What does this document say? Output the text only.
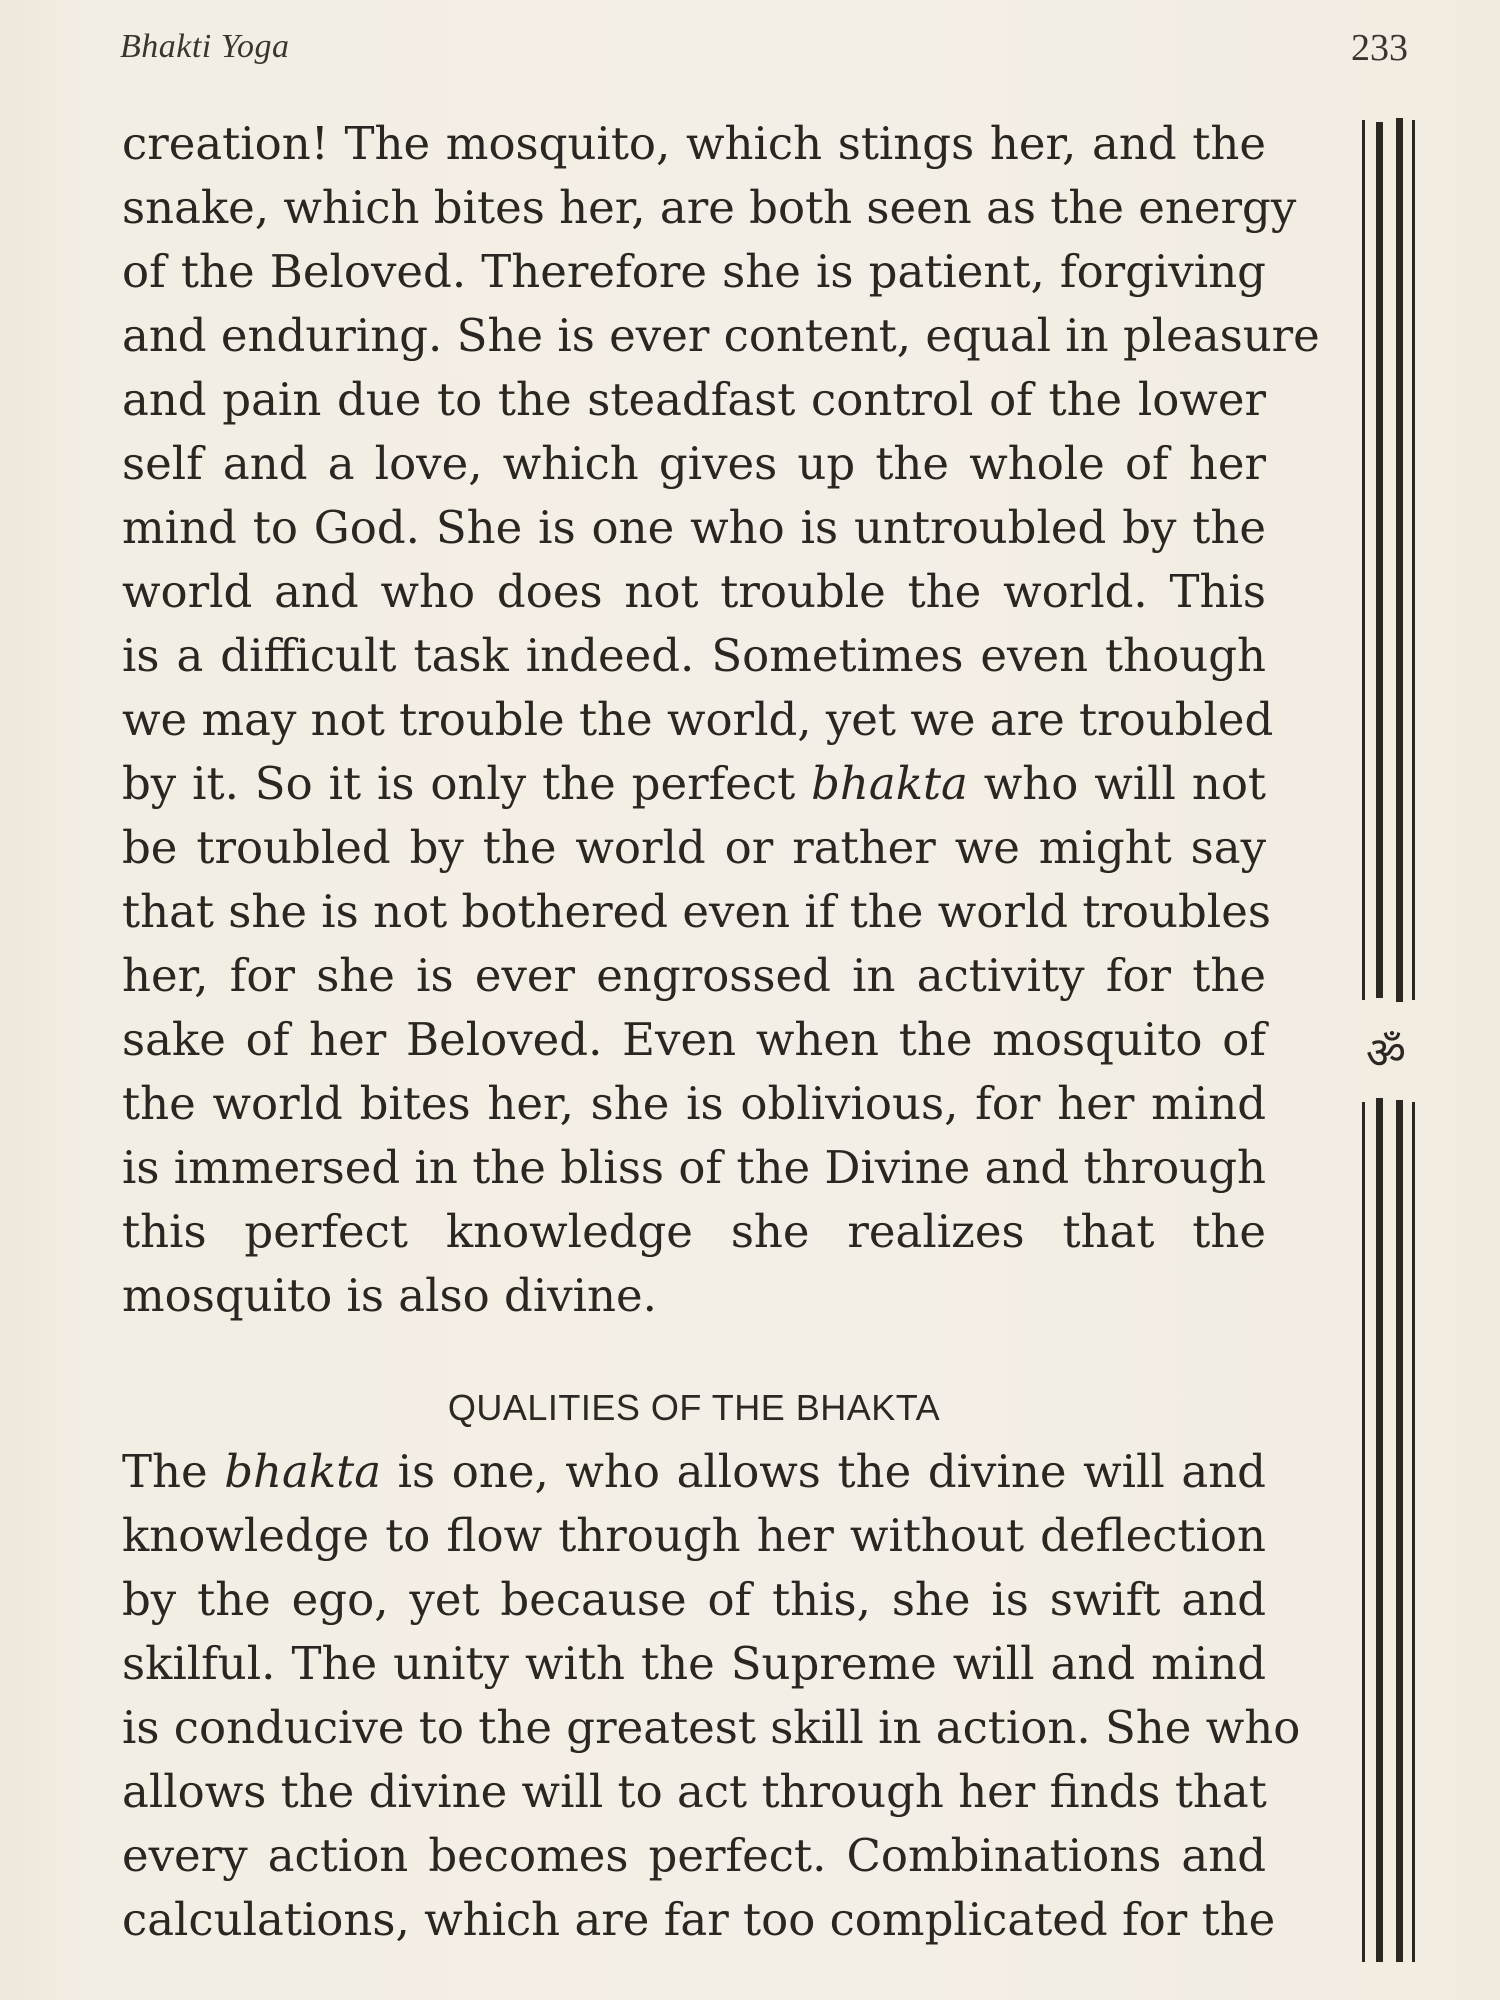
Bhakti Yoga	233
creation! The mosquito, which stings her, and the
snake, which bites her, are both seen as the energy
of the Beloved. Therefore she is patient, forgiving
and enduring. She is ever content, equal in pleasure
and pain due to the steadfast control of the lower
self and a love, which gives up the whole of her
mind to God. She is one who is untroubled by the
world and who does not trouble the world. This
is a difficult task indeed. Sometimes even though
we may not trouble the world, yet we are troubled
by it. So it is only the perfect bhakta who will not
be troubled by the world or rather we might say
that she is not bothered even if the world troubles
her, for she is ever engrossed in activity for the
sake of her Beloved. Even when the mosquito of
the world bites her, she is oblivious, for her mind
is immersed in the bliss of the Divine and through
this perfect knowledge she realizes that the
mosquito is also divine.
QUALITIES OF THE BHAKTA
The bhakta is one, who allows the divine will and
knowledge to flow through her without deflection
by the ego, yet because of this, she is swift and
skilful. The unity with the Supreme will and mind
is conducive to the greatest skill in action. She who
allows the divine will to act through her finds that
every action becomes perfect. Combinations and
calculations, which are far too complicated for the
ॐ
